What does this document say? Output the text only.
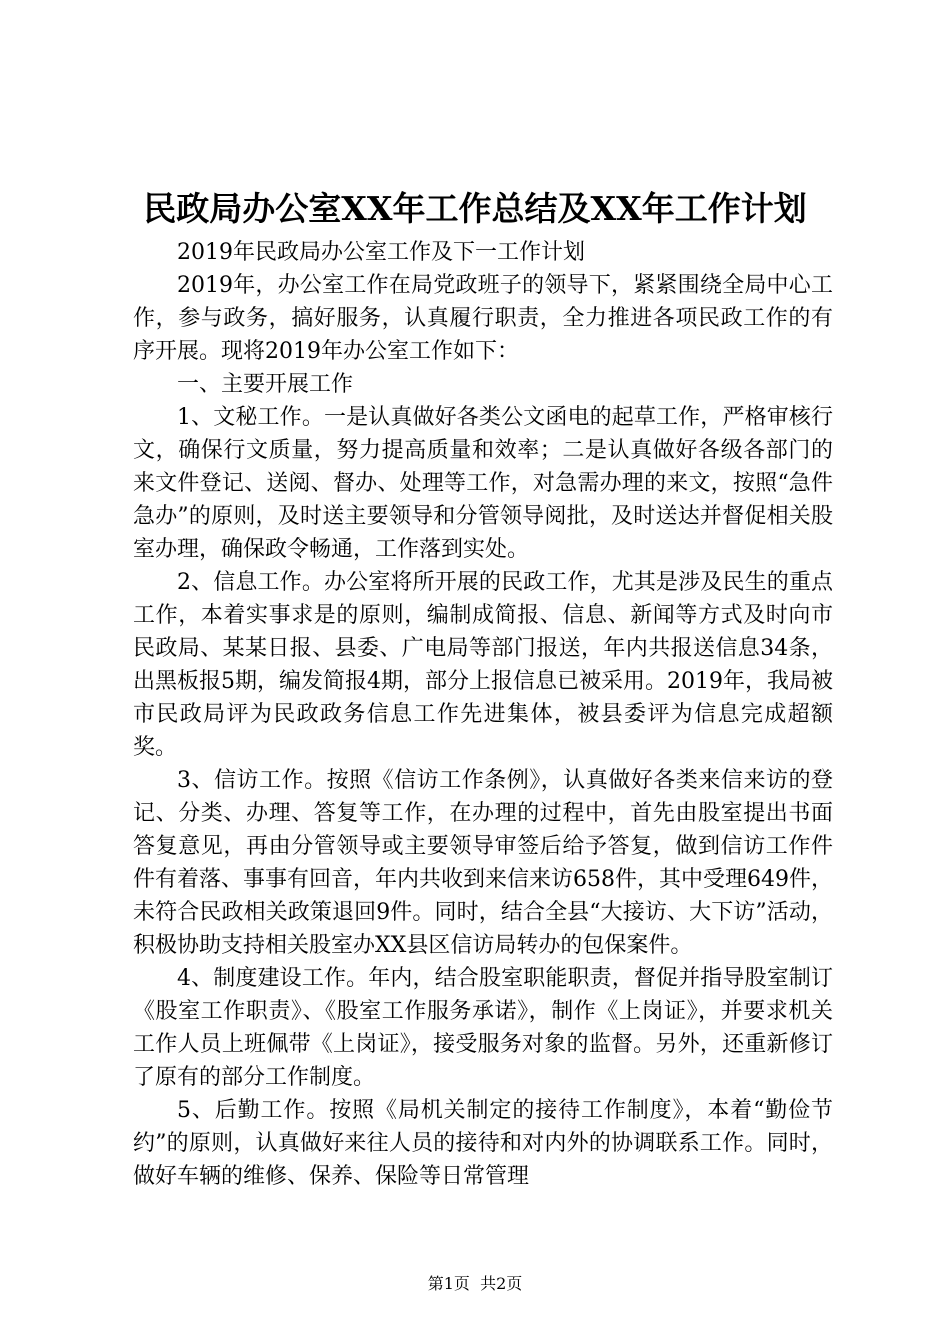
民政局办公室XX年工作总结及XX年工作计划

2019年民政局办公室工作及下一工作计划

2019年，办公室工作在局党政班子的领导下，紧紧围绕全局中心工作，参与政务，搞好服务，认真履行职责，全力推进各项民政工作的有序开展。现将2019年办公室工作如下：

一、主要开展工作

1、文秘工作。一是认真做好各类公文函电的起草工作，严格审核行文，确保行文质量，努力提高质量和效率；二是认真做好各级各部门的来文件登记、送阅、督办、处理等工作，对急需办理的来文，按照“急件急办”的原则，及时送主要领导和分管领导阅批，及时送达并督促相关股室办理，确保政令畅通，工作落到实处。

2、信息工作。办公室将所开展的民政工作，尤其是涉及民生的重点工作，本着实事求是的原则，编制成简报、信息、新闻等方式及时向市民政局、某某日报、县委、广电局等部门报送，年内共报送信息34条，出黑板报5期，编发简报4期，部分上报信息已被采用。2019年，我局被市民政局评为民政政务信息工作先进集体，被县委评为信息完成超额奖。

3、信访工作。按照《信访工作条例》，认真做好各类来信来访的登记、分类、办理、答复等工作，在办理的过程中，首先由股室提出书面答复意见，再由分管领导或主要领导审签后给予答复，做到信访工作件件有着落、事事有回音，年内共收到来信来访658件，其中受理649件，未符合民政相关政策退回9件。同时，结合全县“大接访、大下访”活动，积极协助支持相关股室办XX县区信访局转办的包保案件。

4、制度建设工作。年内，结合股室职能职责，督促并指导股室制订《股室工作职责》、《股室工作服务承诺》，制作《上岗证》，并要求机关工作人员上班佩带《上岗证》，接受服务对象的监督。另外，还重新修订了原有的部分工作制度。

5、后勤工作。按照《局机关制定的接待工作制度》，本着“勤俭节约”的原则，认真做好来往人员的接待和对内外的协调联系工作。同时，做好车辆的维修、保养、保险等日常管理

第1页 共2页
